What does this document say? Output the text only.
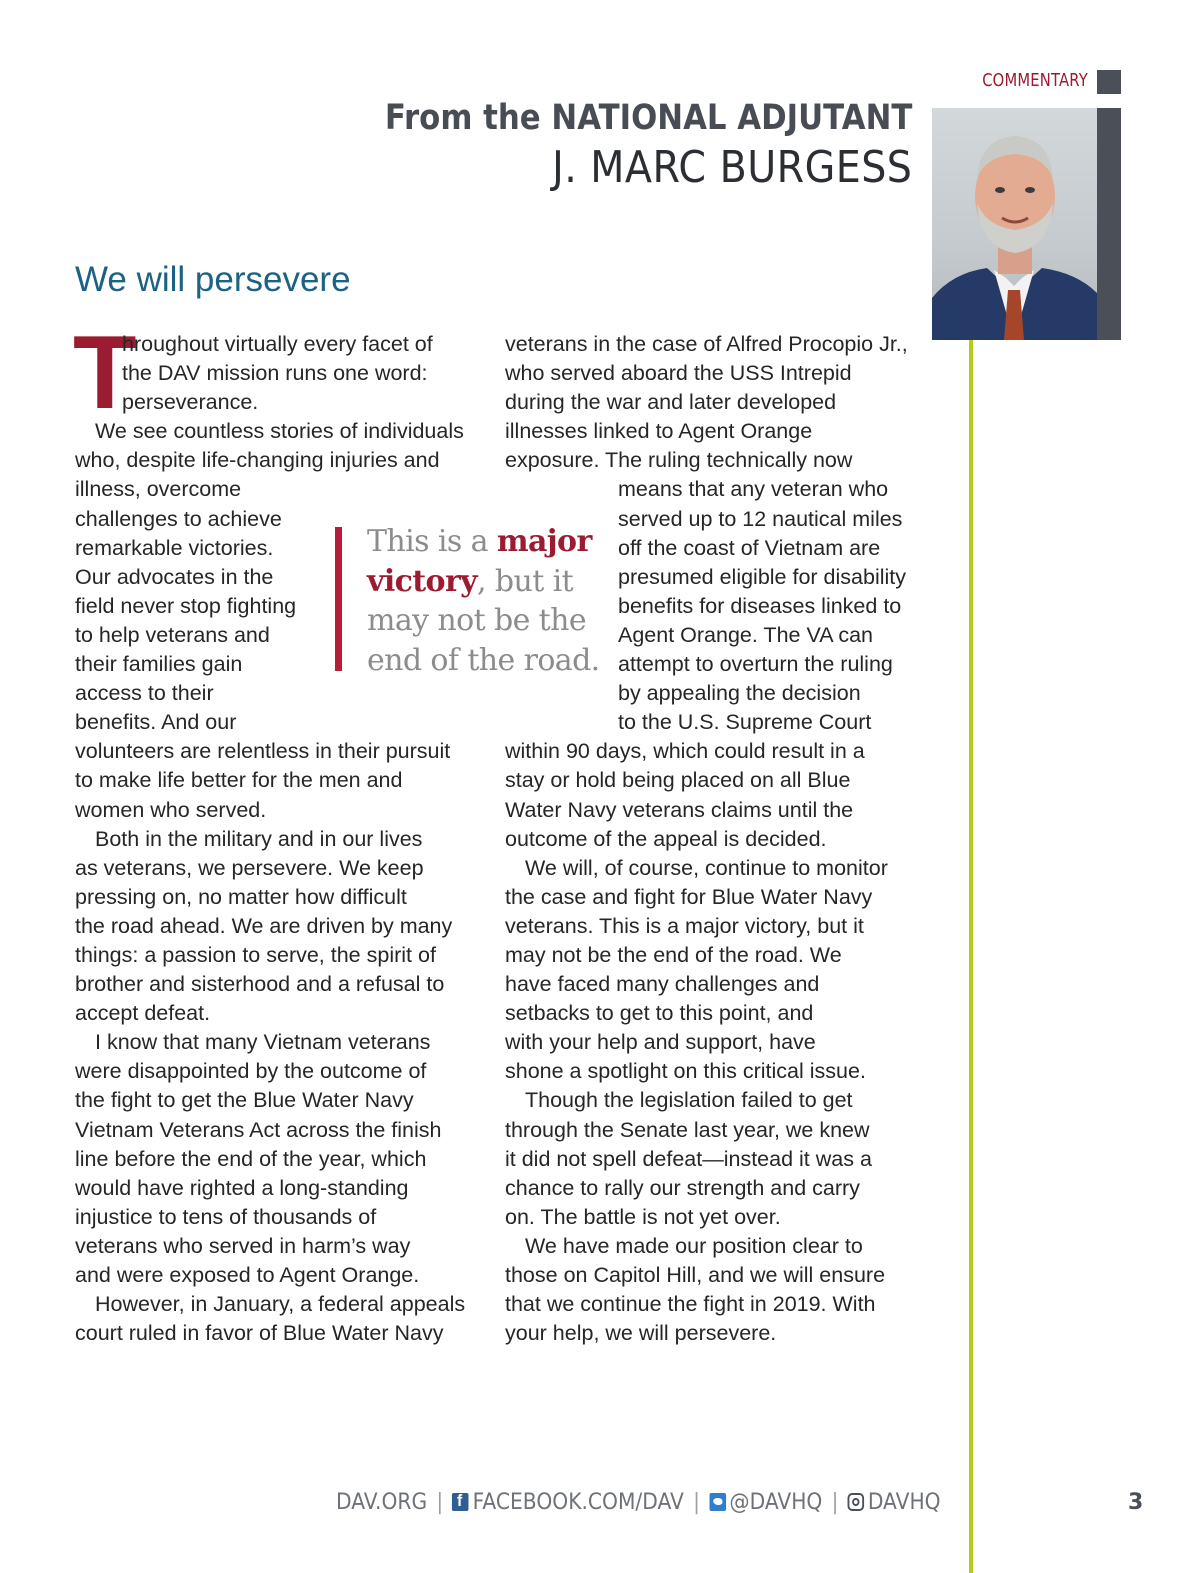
COMMENTARY
From the NATIONAL ADJUTANT
J. MARC BURGESS
We will persevere
T
hroughout virtually every facet of
the DAV mission runs one word:
perseverance.
We see countless stories of individuals
who, despite life-changing injuries and
illness, overcome
challenges to achieve
remarkable victories.
Our advocates in the
field never stop fighting
to help veterans and
their families gain
access to their
benefits. And our
volunteers are relentless in their pursuit
to make life better for the men and
women who served.
Both in the military and in our lives
as veterans, we persevere. We keep
pressing on, no matter how difficult
the road ahead. We are driven by many
things: a passion to serve, the spirit of
brother and sisterhood and a refusal to
accept defeat.
I know that many Vietnam veterans
were disappointed by the outcome of
the fight to get the Blue Water Navy
Vietnam Veterans Act across the finish
line before the end of the year, which
would have righted a long-standing
injustice to tens of thousands of
veterans who served in harm’s way
and were exposed to Agent Orange.
However, in January, a federal appeals
court ruled in favor of Blue Water Navy
This is a major
victory, but it
may not be the
end of the road.
veterans in the case of Alfred Procopio Jr.,
who served aboard the USS Intrepid
during the war and later developed
illnesses linked to Agent Orange
exposure. The ruling technically now
means that any veteran who
served up to 12 nautical miles
off the coast of Vietnam are
presumed eligible for disability
benefits for diseases linked to
Agent Orange. The VA can
attempt to overturn the ruling
by appealing the decision
to the U.S. Supreme Court
within 90 days, which could result in a
stay or hold being placed on all Blue
Water Navy veterans claims until the
outcome of the appeal is decided.
We will, of course, continue to monitor
the case and fight for Blue Water Navy
veterans. This is a major victory, but it
may not be the end of the road. We
have faced many challenges and
setbacks to get to this point, and
with your help and support, have
shone a spotlight on this critical issue.
Though the legislation failed to get
through the Senate last year, we knew
it did not spell defeat—instead it was a
chance to rally our strength and carry
on. The battle is not yet over.
We have made our position clear to
those on Capitol Hill, and we will ensure
that we continue the fight in 2019. With
your help, we will persevere.
DAV.ORG |f FACEBOOK.COM/DAV | @DAVHQ | DAVHQ	3
